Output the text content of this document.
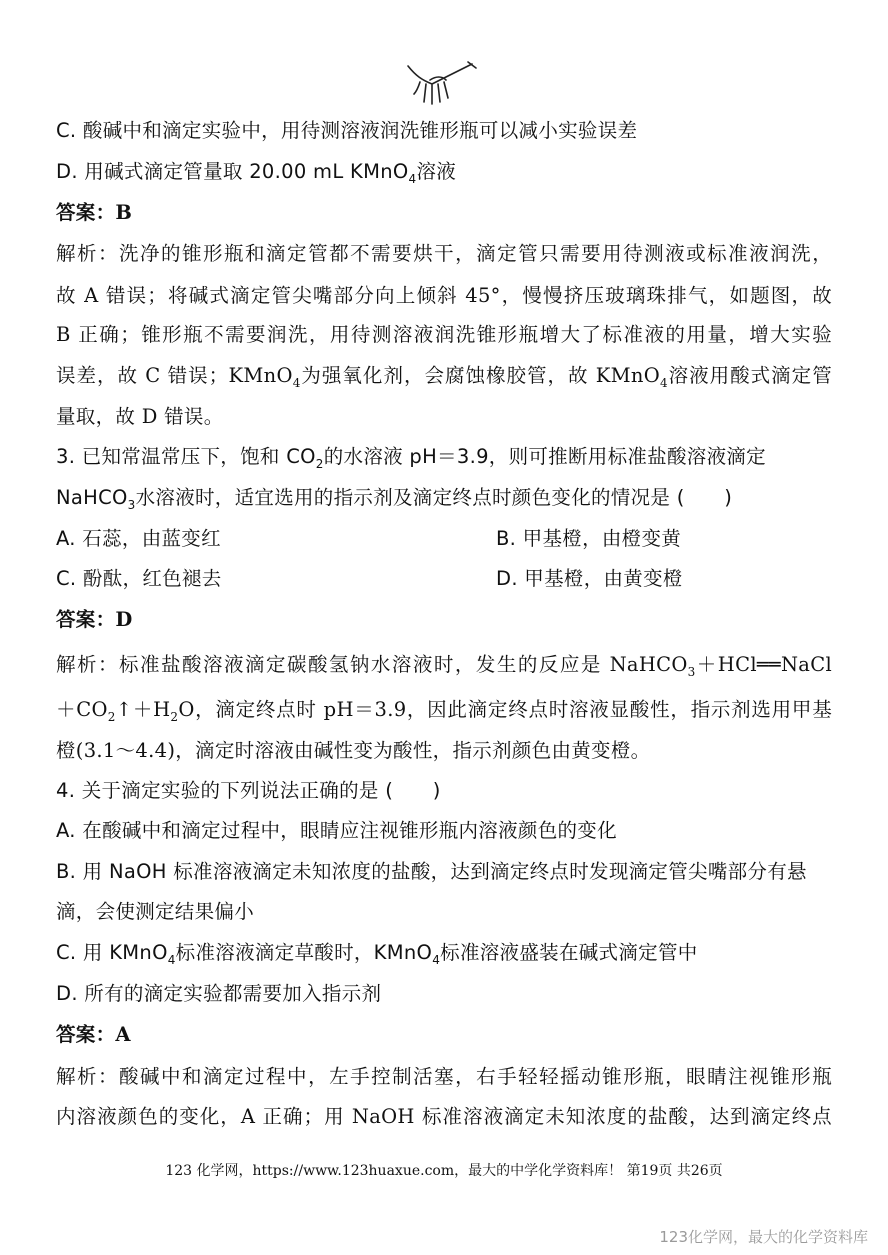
C. 酸碱中和滴定实验中，用待测溶液润洗锥形瓶可以减小实验误差
D. 用碱式滴定管量取 20.00 mL KMnO$_4$溶液
答案：B
解析：洗净的锥形瓶和滴定管都不需要烘干，滴定管只需要用待测液或标准液润洗，
故 A 错误；将碱式滴定管尖嘴部分向上倾斜 45°，慢慢挤压玻璃珠排气，如题图，故
B 正确；锥形瓶不需要润洗，用待测溶液润洗锥形瓶增大了标准液的用量，增大实验
误差，故 C 错误；KMnO$_4$为强氧化剂，会腐蚀橡胶管，故 KMnO$_4$溶液用酸式滴定管
量取，故 D 错误。
3. 已知常温常压下，饱和 $CO_2$的水溶液 pH＝3.9，则可推断用标准盐酸溶液滴定
NaHCO$_3$水溶液时，适宜选用的指示剂及滴定终点时颜色变化的情况是 (　　)
A. 石蕊，由蓝变红	B. 甲基橙，由橙变黄
C. 酚酞，红色褪去	D. 甲基橙，由黄变橙
答案：D
解析：标准盐酸溶液滴定碳酸氢钠水溶液时，发生的反应是 NaHCO$_3$＋HCl══NaCl
$+CO_2↑+H_2O$，滴定终点时 pH＝3.9，因此滴定终点时溶液显酸性，指示剂选用甲基
橙(3.1～4.4)，滴定时溶液由碱性变为酸性，指示剂颜色由黄变橙。
4. 关于滴定实验的下列说法正确的是 (　　)
A. 在酸碱中和滴定过程中，眼睛应注视锥形瓶内溶液颜色的变化
B. 用 NaOH 标准溶液滴定未知浓度的盐酸，达到滴定终点时发现滴定管尖嘴部分有悬
滴，会使测定结果偏小
C. 用 KMnO$_4$标准溶液滴定草酸时，KMnO$_4$标准溶液盛装在碱式滴定管中
D. 所有的滴定实验都需要加入指示剂
答案：A
解析：酸碱中和滴定过程中，左手控制活塞，右手轻轻摇动锥形瓶，眼睛注视锥形瓶
内溶液颜色的变化，A 正确；用 NaOH 标准溶液滴定未知浓度的盐酸，达到滴定终点
123 化学网，https://www.123huaxue.com，最大的中学化学资料库！ 第19页 共26页
123化学网，最大的化学资料库
